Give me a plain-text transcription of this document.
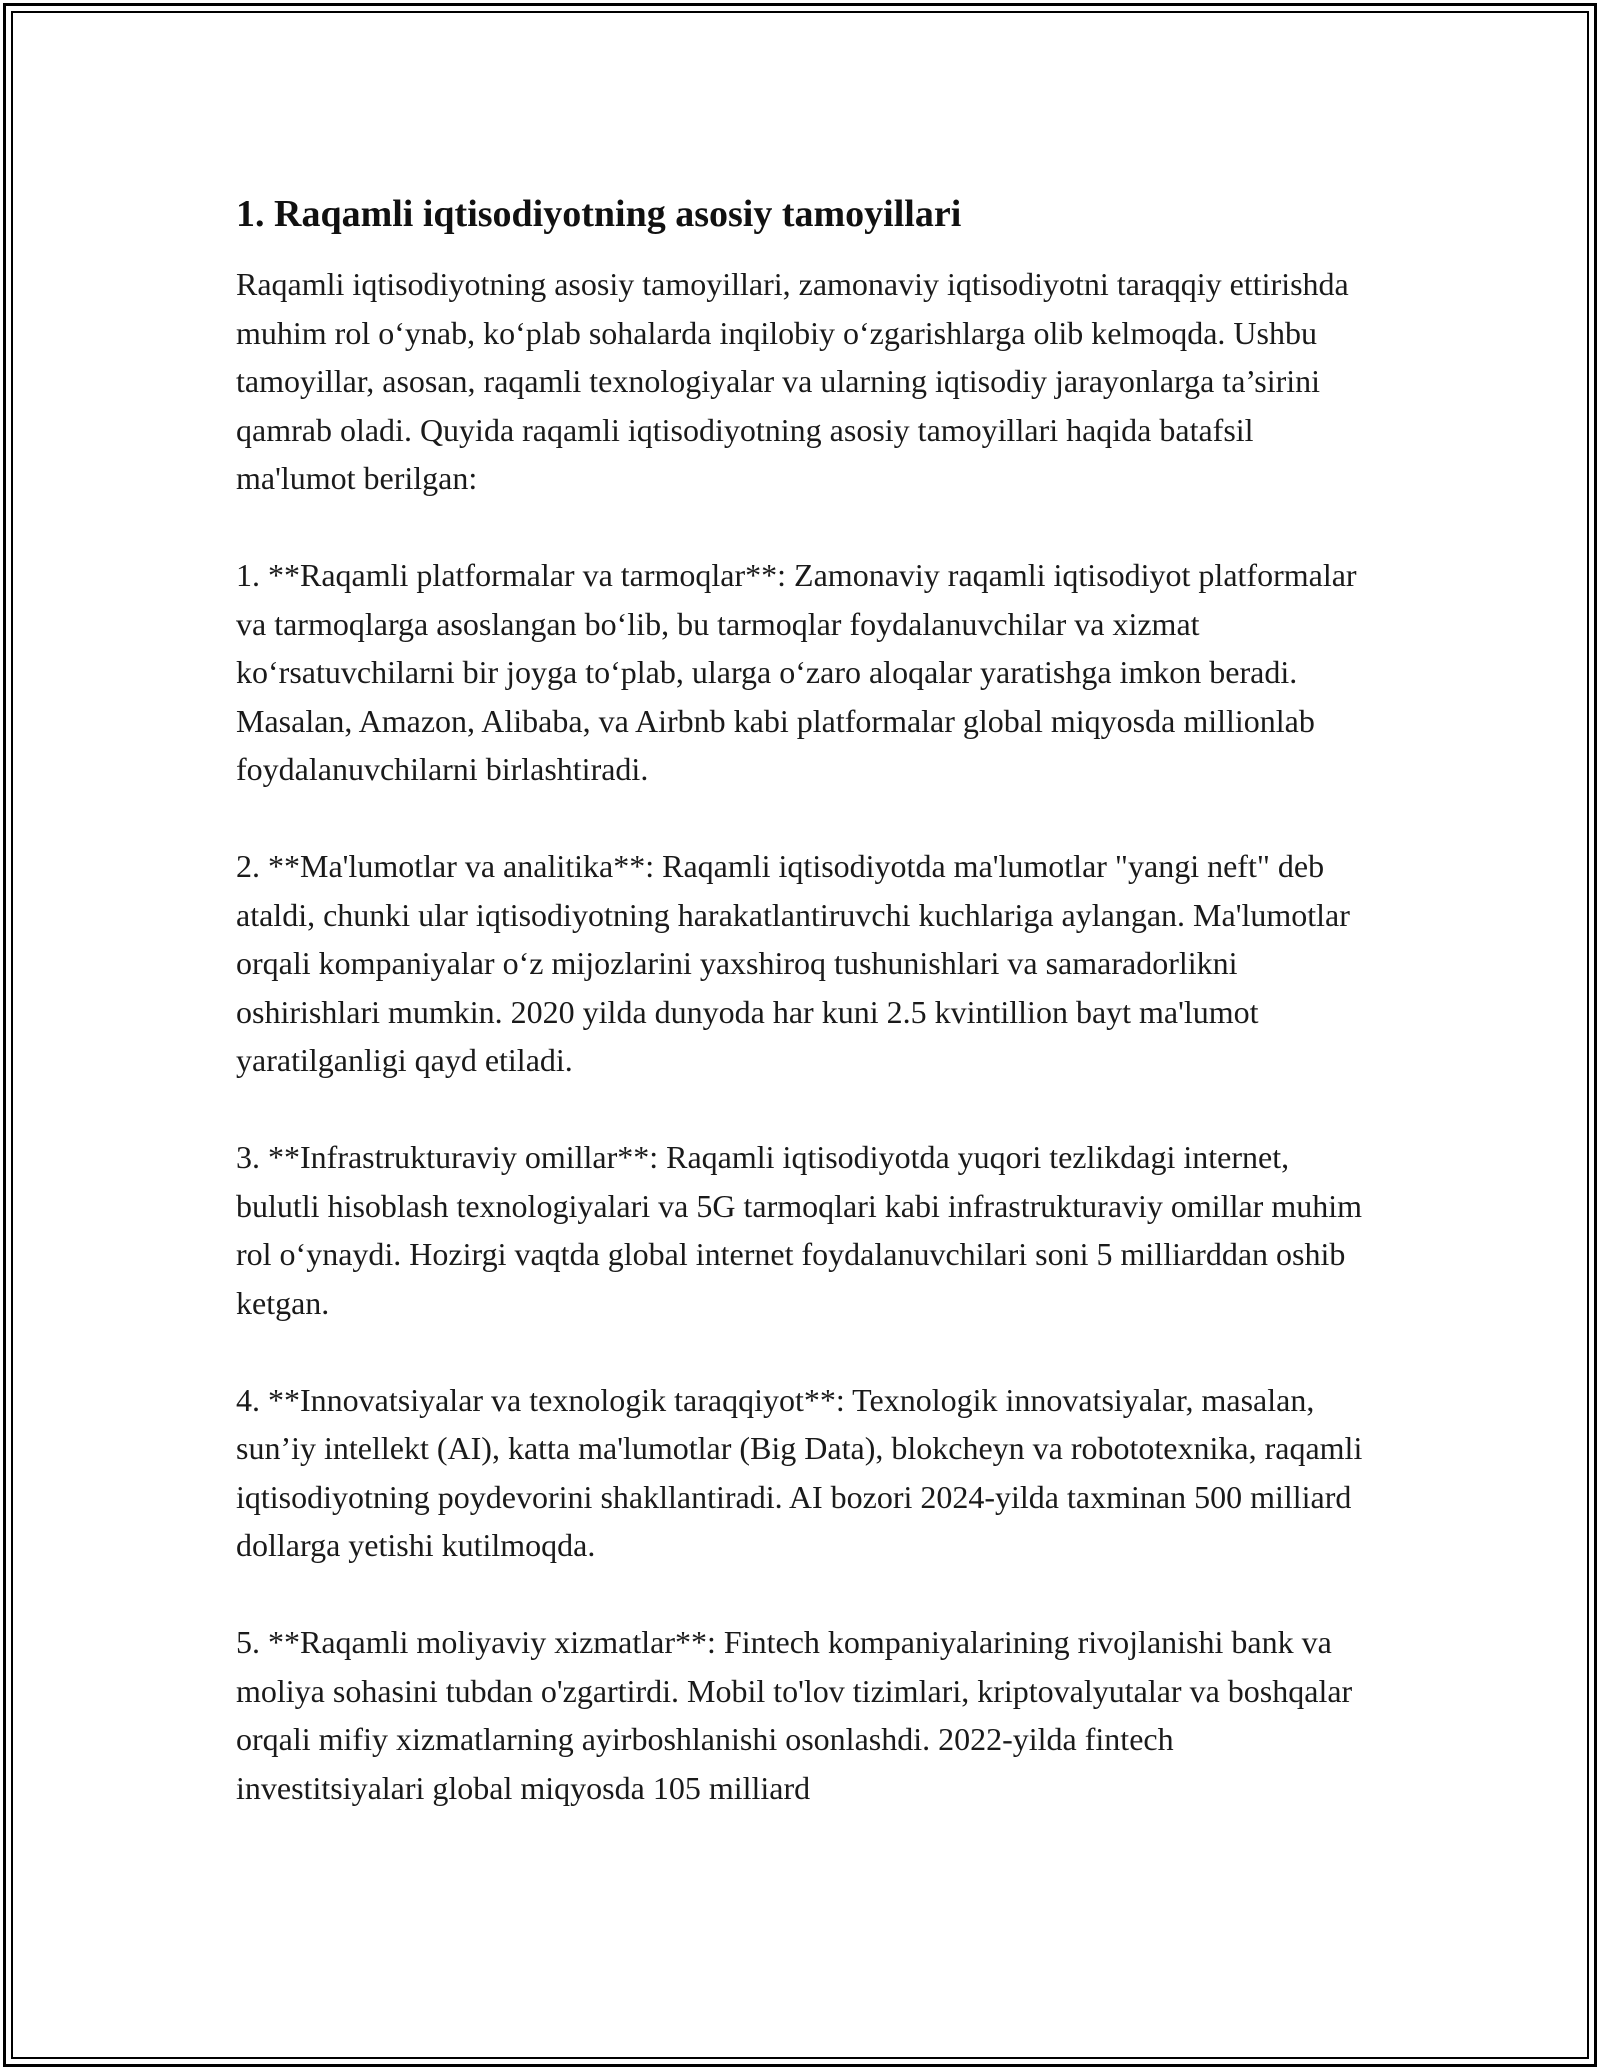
1. Raqamli iqtisodiyotning asosiy tamoyillari

Raqamli iqtisodiyotning asosiy tamoyillari, zamonaviy iqtisodiyotni taraqqiy ettirishda muhim rol o‘ynab, ko‘plab sohalarda inqilobiy o‘zgarishlarga olib kelmoqda. Ushbu tamoyillar, asosan, raqamli texnologiyalar va ularning iqtisodiy jarayonlarga ta’sirini qamrab oladi. Quyida raqamli iqtisodiyotning asosiy tamoyillari haqida batafsil ma'lumot berilgan:

1. **Raqamli platformalar va tarmoqlar**: Zamonaviy raqamli iqtisodiyot platformalar va tarmoqlarga asoslangan bo‘lib, bu tarmoqlar foydalanuvchilar va xizmat ko‘rsatuvchilarni bir joyga to‘plab, ularga o‘zaro aloqalar yaratishga imkon beradi. Masalan, Amazon, Alibaba, va Airbnb kabi platformalar global miqyosda millionlab foydalanuvchilarni birlashtiradi.

2. **Ma'lumotlar va analitika**: Raqamli iqtisodiyotda ma'lumotlar "yangi neft" deb ataldi, chunki ular iqtisodiyotning harakatlantiruvchi kuchlariga aylangan. Ma'lumotlar orqali kompaniyalar o‘z mijozlarini yaxshiroq tushunishlari va samaradorlikni oshirishlari mumkin. 2020 yilda dunyoda har kuni 2.5 kvintillion bayt ma'lumot yaratilganligi qayd etiladi.

3. **Infrastrukturaviy omillar**: Raqamli iqtisodiyotda yuqori tezlikdagi internet, bulutli hisoblash texnologiyalari va 5G tarmoqlari kabi infrastrukturaviy omillar muhim rol o‘ynaydi. Hozirgi vaqtda global internet foydalanuvchilari soni 5 milliarddan oshib ketgan.

4. **Innovatsiyalar va texnologik taraqqiyot**: Texnologik innovatsiyalar, masalan, sun’iy intellekt (AI), katta ma'lumotlar (Big Data), blokcheyn va robototexnika, raqamli iqtisodiyotning poydevorini shakllantiradi. AI bozori 2024-yilda taxminan 500 milliard dollarga yetishi kutilmoqda.

5. **Raqamli moliyaviy xizmatlar**: Fintech kompaniyalarining rivojlanishi bank va moliya sohasini tubdan o'zgartirdi. Mobil to'lov tizimlari, kriptovalyutalar va boshqalar orqali mifiy xizmatlarning ayirboshlanishi osonlashdi. 2022-yilda fintech investitsiyalari global miqyosda 105 milliard
